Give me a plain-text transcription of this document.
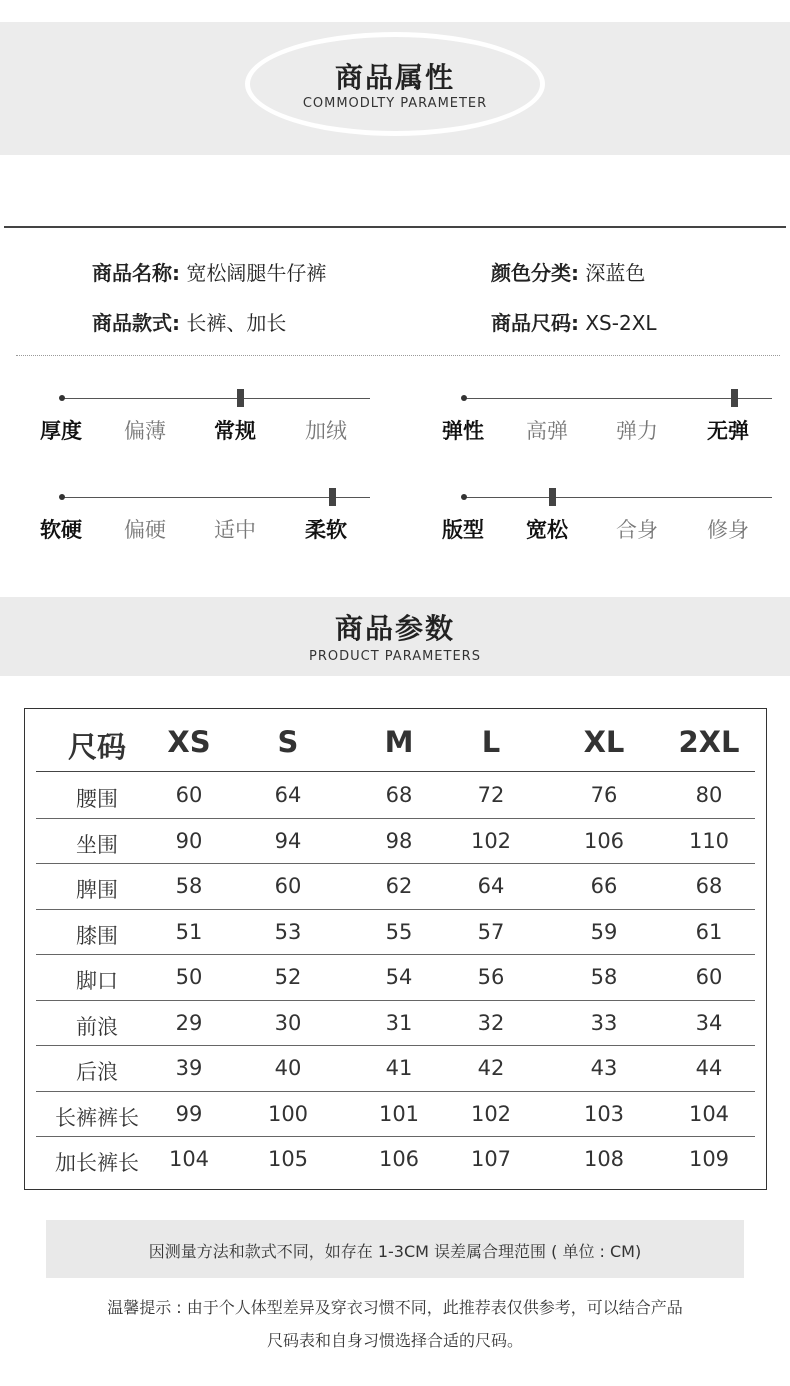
商品属性
COMMODLTY PARAMETER
商品名称: 宽松阔腿牛仔裤	颜色分类: 深蓝色
商品款式: 长裤、加长	商品尺码: XS-2XL
厚度 偏薄 常规 加绒	弹性 高弹 弹力 无弹
软硬 偏硬 适中 柔软	版型 宽松 合身 修身
商品参数
PRODUCT PARAMETERS
尺码	XS	S	M	L	XL	2XL
腰围	60	64	68	72	76	80
坐围	90	94	98	102	106	110
脾围	58	60	62	64	66	68
膝围	51	53	55	57	59	61
脚口	50	52	54	56	58	60
前浪	29	30	31	32	33	34
后浪	39	40	41	42	43	44
长裤裤长	99	100	101	102	103	104
加长裤长	104	105	106	107	108	109
因测量方法和款式不同，如存在 1-3CM 误差属合理范围 ( 单位 : CM)
温馨提示 : 由于个人体型差异及穿衣习惯不同，此推荐表仅供参考，可以结合产品
尺码表和自身习惯选择合适的尺码。
